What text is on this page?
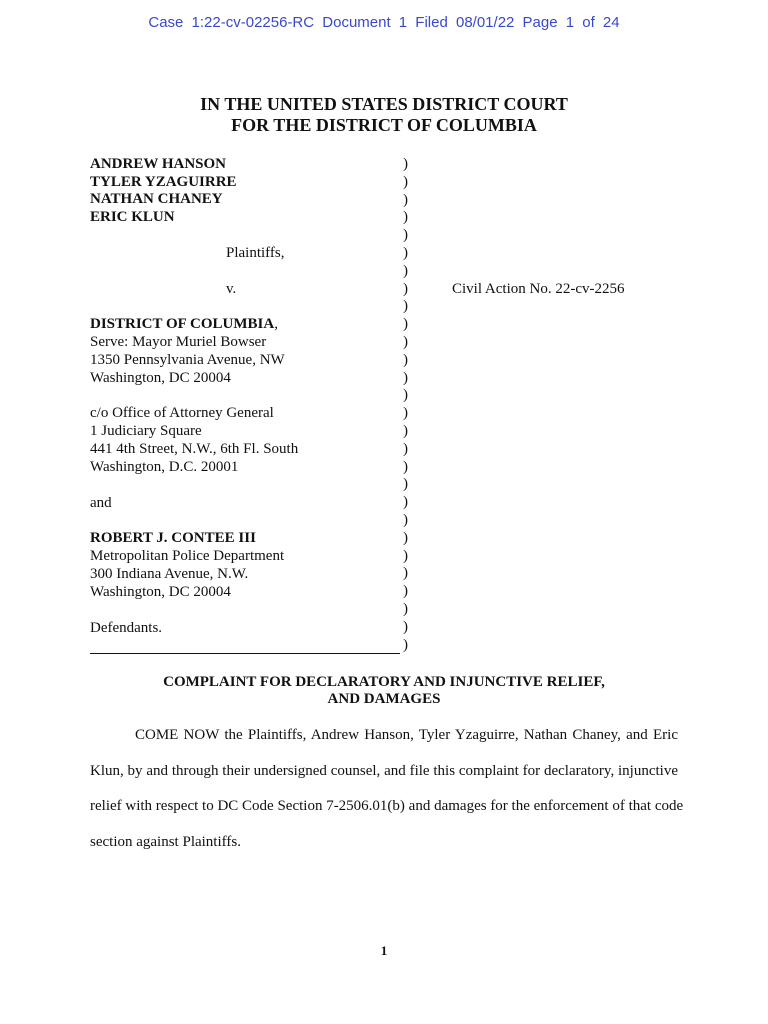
Case 1:22-cv-02256-RC Document 1 Filed 08/01/22 Page 1 of 24
IN THE UNITED STATES DISTRICT COURT
FOR THE DISTRICT OF COLUMBIA
ANDREW HANSON
TYLER YZAGUIRRE
NATHAN CHANEY
ERIC KLUN
Plaintiffs,
v.
DISTRICT OF COLUMBIA,
Serve: Mayor Muriel Bowser
1350 Pennsylvania Avenue, NW
Washington, DC 20004
c/o Office of Attorney General
1 Judiciary Square
441 4th Street, N.W., 6th Fl. South
Washington, D.C. 20001
and
ROBERT J. CONTEE III
Metropolitan Police Department
300 Indiana Avenue, N.W.
Washington, DC 20004
Defendants.
)
)
)
)
)
)
)
)
)
)
)
)
)
)
)
)
)
)
)
)
)
)
)
)
)
)
)
)
Civil Action No. 22-cv-2256
COMPLAINT FOR DECLARATORY AND INJUNCTIVE RELIEF,
AND DAMAGES
COME NOW the Plaintiffs, Andrew Hanson, Tyler Yzaguirre, Nathan Chaney, and Eric
Klun, by and through their undersigned counsel, and file this complaint for declaratory, injunctive
relief with respect to DC Code Section 7-2506.01(b) and damages for the enforcement of that code
section against Plaintiffs.
1
